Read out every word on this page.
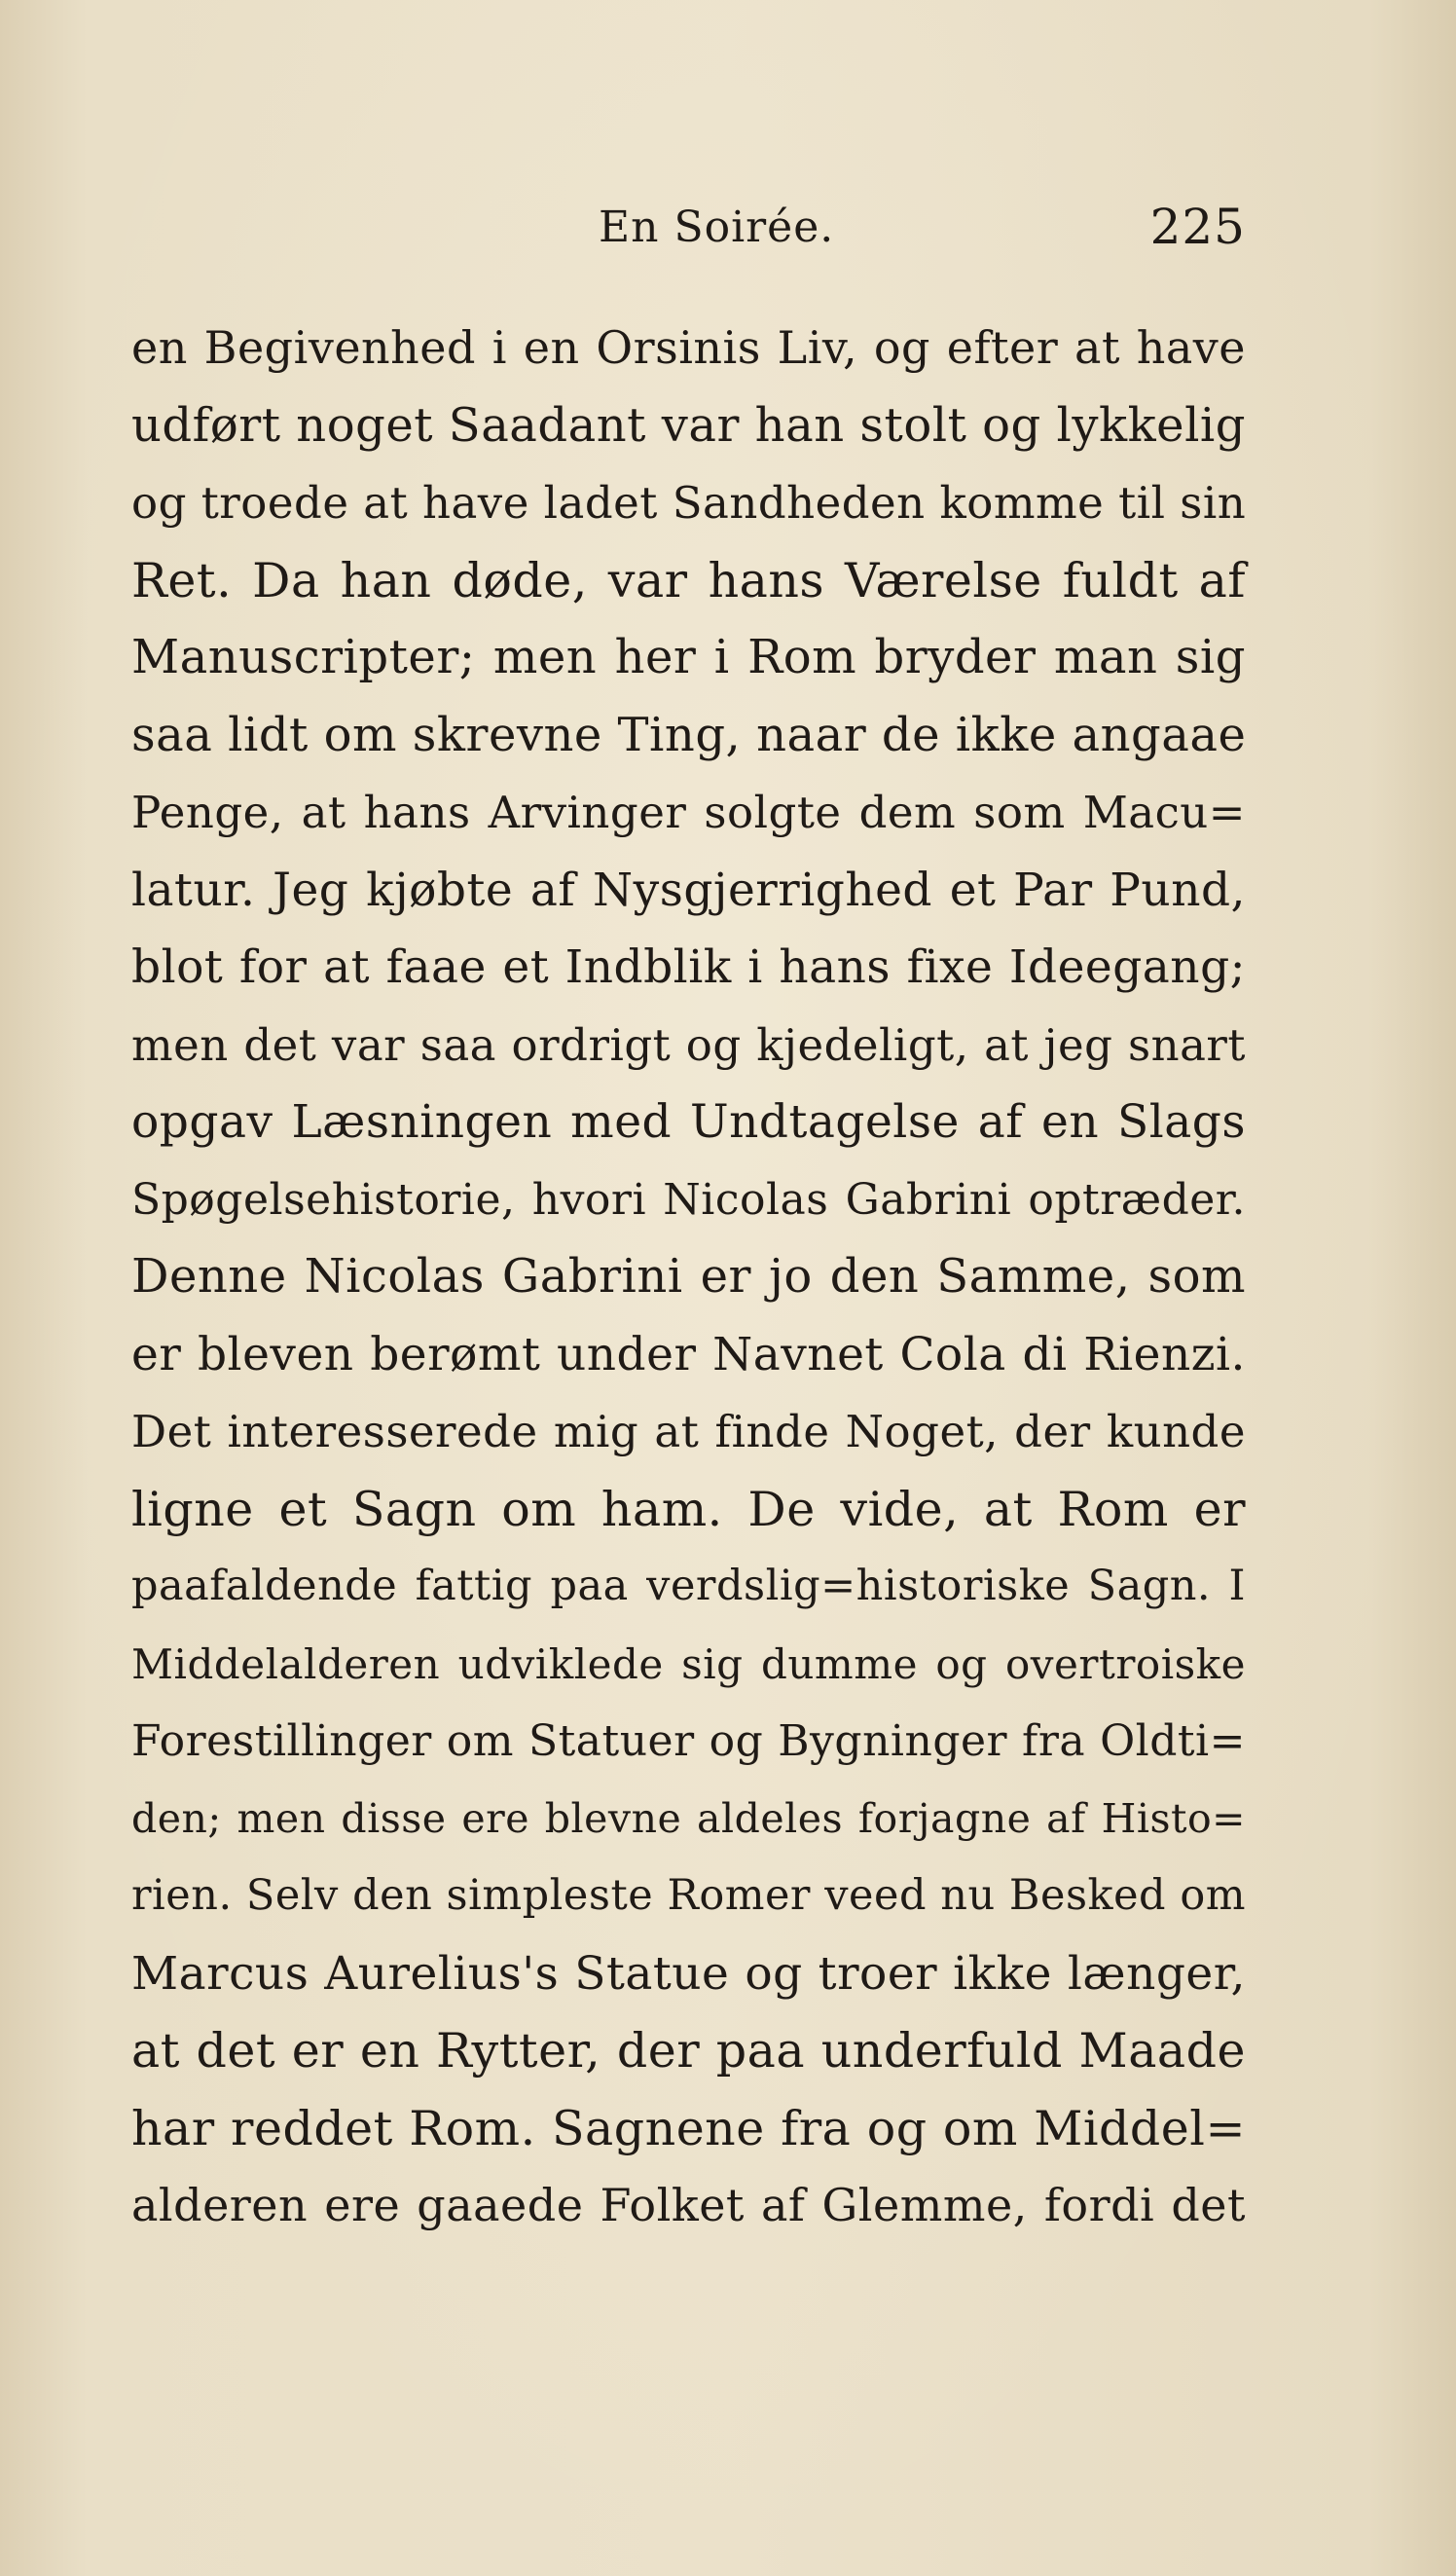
En Soirée.	225
en Begivenhed i en Orsinis Liv, og efter at have
udført noget Saadant var han stolt og lykkelig
og troede at have ladet Sandheden komme til sin
Ret. Da han døde, var hans Værelse fuldt af
Manuscripter; men her i Rom bryder man sig
saa lidt om skrevne Ting, naar de ikke angaae
Penge, at hans Arvinger solgte dem som Macu=
latur. Jeg kjøbte af Nysgjerrighed et Par Pund,
blot for at faae et Indblik i hans fixe Ideegang;
men det var saa ordrigt og kjedeligt, at jeg snart
opgav Læsningen med Undtagelse af en Slags
Spøgelsehistorie, hvori Nicolas Gabrini optræder.
Denne Nicolas Gabrini er jo den Samme, som
er bleven berømt under Navnet Cola di Rienzi.
Det interesserede mig at finde Noget, der kunde
ligne et Sagn om ham. De vide, at Rom er
paafaldende fattig paa verdslig=historiske Sagn. I
Middelalderen udviklede sig dumme og overtroiske
Forestillinger om Statuer og Bygninger fra Oldti=
den; men disse ere blevne aldeles forjagne af Histo=
rien. Selv den simpleste Romer veed nu Besked om
Marcus Aurelius's Statue og troer ikke længer,
at det er en Rytter, der paa underfuld Maade
har reddet Rom. Sagnene fra og om Middel=
alderen ere gaaede Folket af Glemme, fordi det
